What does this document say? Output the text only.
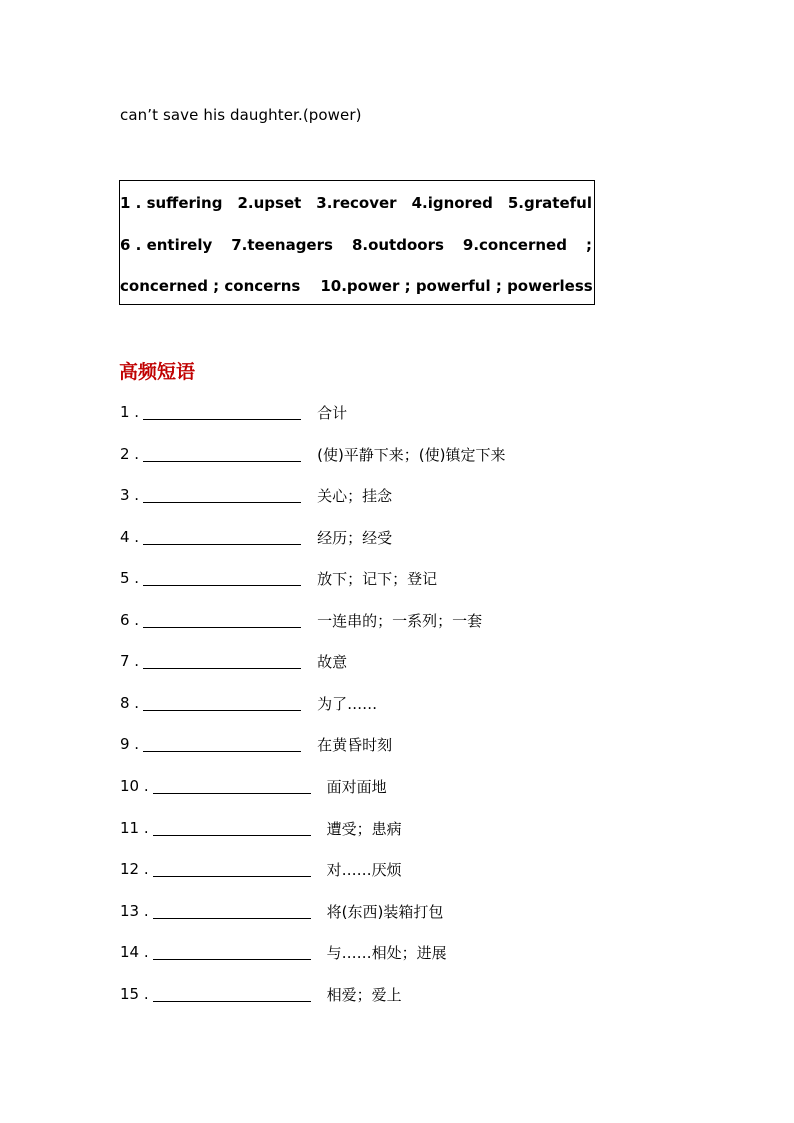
can’t save his daughter.(power)
1 . suffering 2.upset 3.recover 4.ignored 5.grateful
6 . entirely 7.teenagers 8.outdoors 9.concerned ;
concerned ; concerns 10.power ; powerful ; powerless
高频短语
1 .	合计
2 .	(使)平静下来；(使)镇定下来
3 .	关心；挂念
4 .	经历；经受
5 .	放下；记下；登记
6 .	一连串的；一系列；一套
7 .	故意
8 .	为了……
9 .	在黄昏时刻
10 .	面对面地
11 .	遭受；患病
12 .	对……厌烦
13 .	将(东西)装箱打包
14 .	与……相处；进展
15 .	相爱；爱上
